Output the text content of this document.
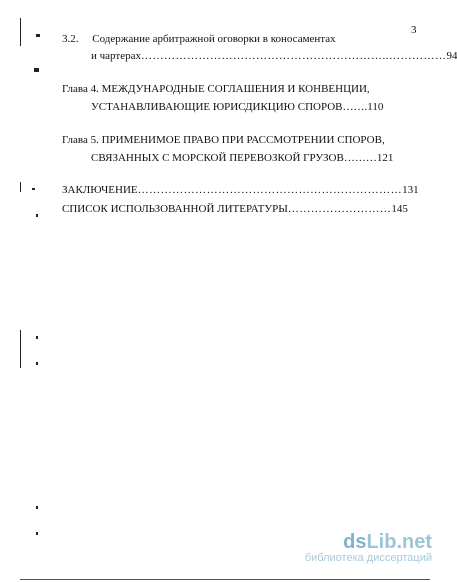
3
3.2. Содержание арбитражной оговорки в коносаментах
и чартерах………………………………………………………..……………94
Глава 4. МЕЖДУНАРОДНЫЕ СОГЛАШЕНИЯ И КОНВЕНЦИИ,
УСТАНАВЛИВАЮЩИЕ ЮРИСДИКЦИЮ СПОРОВ…….110
Глава 5. ПРИМЕНИМОЕ ПРАВО ПРИ РАССМОТРЕНИИ СПОРОВ,
СВЯЗАННЫХ С МОРСКОЙ ПЕРЕВОЗКОЙ ГРУЗОВ………121
ЗАКЛЮЧЕНИЕ……………………………………………………………131
СПИСОК ИСПОЛЬЗОВАННОЙ ЛИТЕРАТУРЫ………………………145
dsLib.net
библиотека диссертаций
